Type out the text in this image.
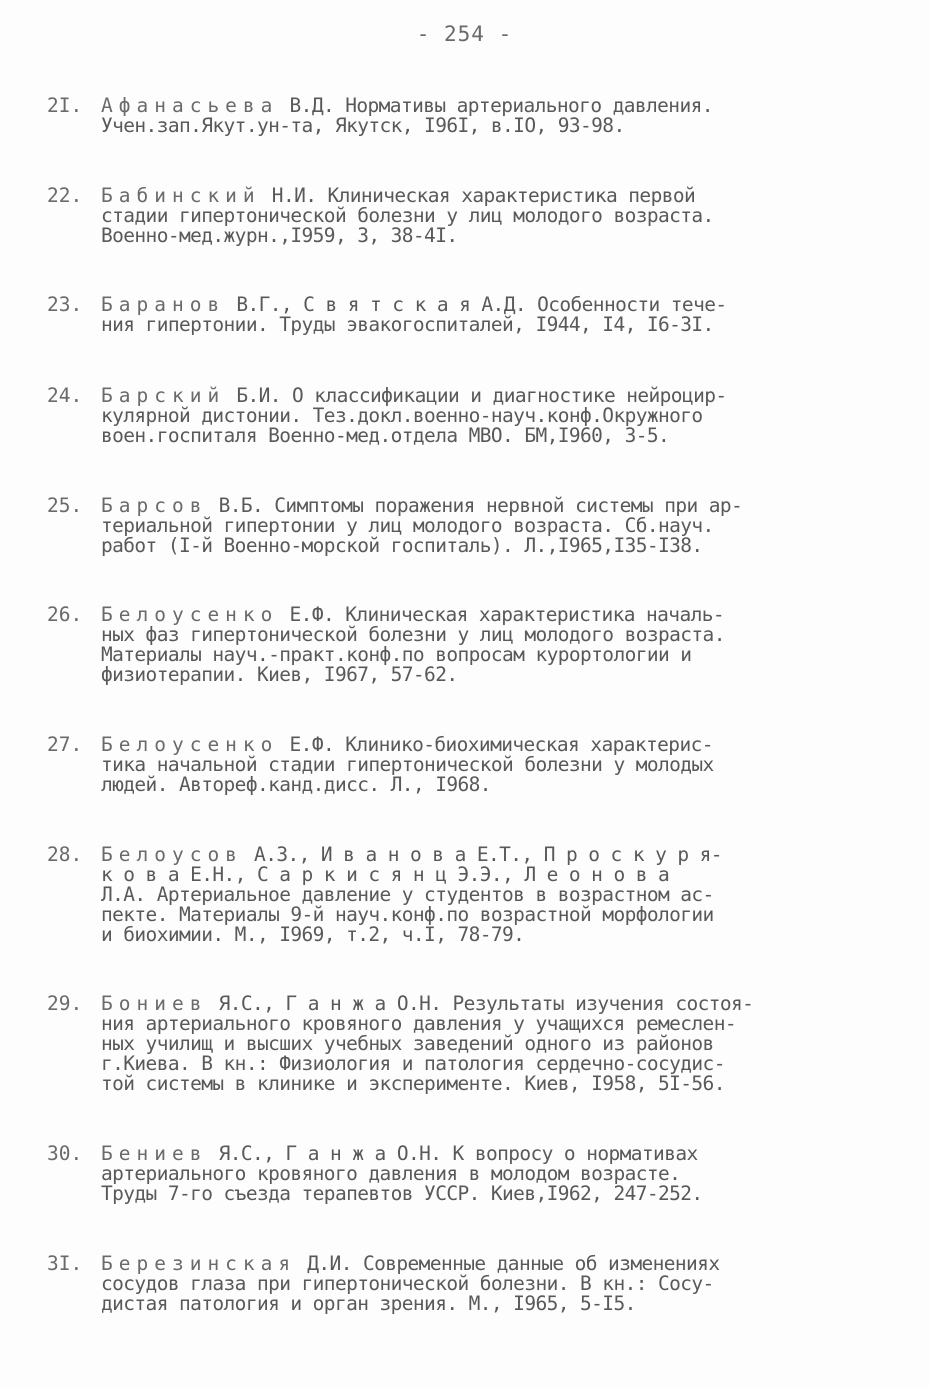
- 254 -
2I. Афанасьева В.Д. Нормативы артериального давления.
Учен.зап.Якут.ун-та, Якутск, I96I, в.IO, 93-98.
22. Бабинский Н.И. Клиническая характеристика первой
стадии гипертонической болезни у лиц молодого возраста.
Военно-мед.журн.,I959, 3, 38-4I.
23. Баранов В.Г., С в я т с к а я А.Д. Особенности тече-
ния гипертонии. Труды эвакогоспиталей, I944, I4, I6-3I.
24. Барский Б.И. О классификации и диагностике нейроцир-
кулярной дистонии. Тез.докл.военно-науч.конф.Окружного
воен.госпиталя Военно-мед.отдела МВО. БМ,I960, 3-5.
25. Барсов В.Б. Симптомы поражения нервной системы при ар-
териальной гипертонии у лиц молодого возраста. Сб.науч.
работ (I-й Военно-морской госпиталь). Л.,I965,I35-I38.
26. Белоусенко Е.Ф. Клиническая характеристика началь-
ных фаз гипертонической болезни у лиц молодого возраста.
Материалы науч.-практ.конф.по вопросам курортологии и
физиотерапии. Киев, I967, 57-62.
27. Белоусенко Е.Ф. Клинико-биохимическая характерис-
тика начальной стадии гипертонической болезни у молодых
людей. Автореф.канд.дисс. Л., I968.
28. Белоусов А.З., И в а н о в а Е.Т., П р о с к у р я-
к о в а Е.Н., С а р к и с я н ц Э.Э., Л е о н о в а
Л.А. Артериальное давление у студентов в возрастном ас-
пекте. Материалы 9-й науч.конф.по возрастной морфологии
и биохимии. М., I969, т.2, ч.I, 78-79.
29. Бониев Я.С., Г а н ж а О.Н. Результаты изучения состоя-
ния артериального кровяного давления у учащихся ремеслен-
ных училищ и высших учебных заведений одного из районов
г.Киева. В кн.: Физиология и патология сердечно-сосудис-
той системы в клинике и эксперименте. Киев, I958, 5I-56.
30. Бениев Я.С., Г а н ж а О.Н. К вопросу о нормативах
артериального кровяного давления в молодом возрасте.
Труды 7-го съезда терапевтов УССР. Киев,I962, 247-252.
3I. Березинская Д.И. Современные данные об изменениях
сосудов глаза при гипертонической болезни. В кн.: Сосу-
дистая патология и орган зрения. М., I965, 5-I5.
